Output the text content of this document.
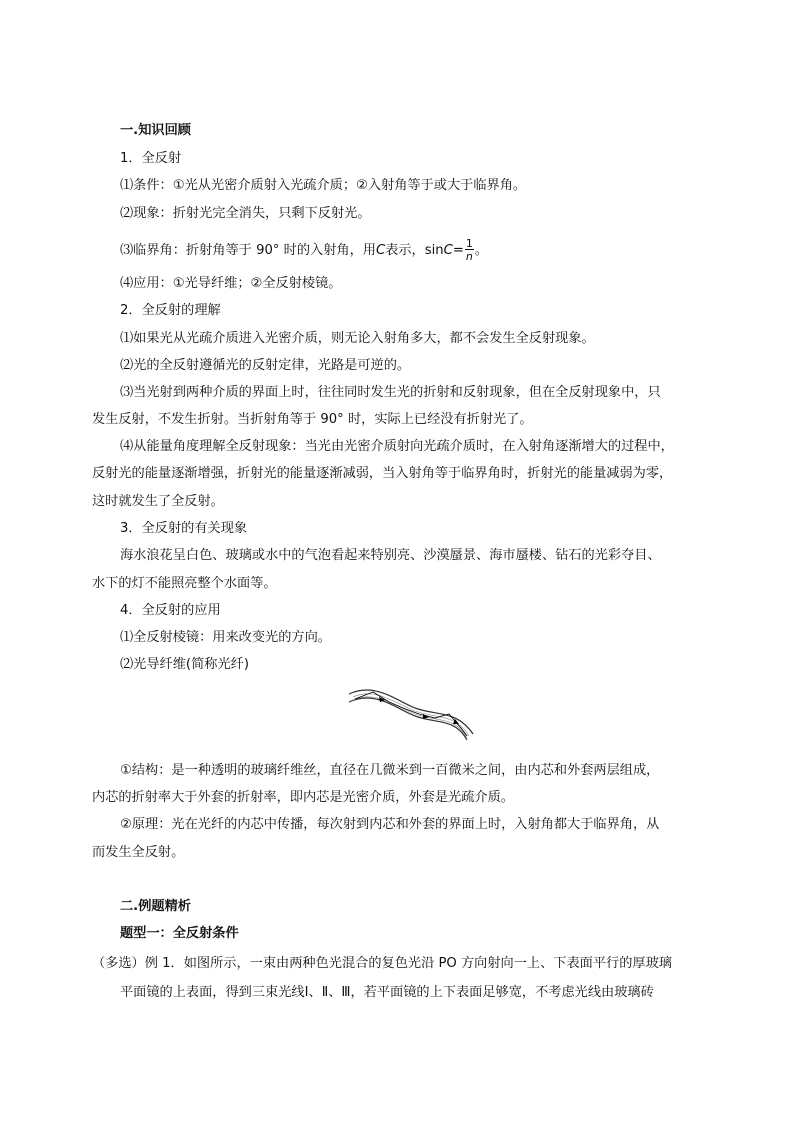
一.知识回顾
1．全反射
⑴条件：①光从光密介质射入光疏介质；②入射角等于或大于临界角。
⑵现象：折射光完全消失，只剩下反射光。
⑶临界角：折射角等于 90° 时的入射角，用C表示，$\sin C= \frac{1}{n}$ 。
⑷应用：①光导纤维；②全反射棱镜。
2．全反射的理解
⑴如果光从光疏介质进入光密介质，则无论入射角多大，都不会发生全反射现象。
⑵光的全反射遵循光的反射定律，光路是可逆的。
⑶当光射到两种介质的界面上时，往往同时发生光的折射和反射现象，但在全反射现象中，只
发生反射，不发生折射。当折射角等于 90° 时，实际上已经没有折射光了。
⑷从能量角度理解全反射现象：当光由光密介质射向光疏介质时，在入射角逐渐增大的过程中，
反射光的能量逐渐增强，折射光的能量逐渐减弱，当入射角等于临界角时，折射光的能量减弱为零，
这时就发生了全反射。
3．全反射的有关现象
海水浪花呈白色、玻璃或水中的气泡看起来特别亮、沙漠蜃景、海市蜃楼、钻石的光彩夺目、
水下的灯不能照亮整个水面等。
4．全反射的应用
⑴全反射棱镜：用来改变光的方向。
⑵光导纤维(简称光纤)
①结构：是一种透明的玻璃纤维丝，直径在几微米到一百微米之间，由内芯和外套两层组成，
内芯的折射率大于外套的折射率，即内芯是光密介质，外套是光疏介质。
②原理：光在光纤的内芯中传播，每次射到内芯和外套的界面上时，入射角都大于临界角，从
而发生全反射。
二.例题精析
题型一：全反射条件
（多选）例 1．如图所示，一束由两种色光混合的复色光沿 PO 方向射向一上、下表面平行的厚玻璃
平面镜的上表面，得到三束光线Ⅰ、Ⅱ、Ⅲ，若平面镜的上下表面足够宽，不考虑光线由玻璃砖
